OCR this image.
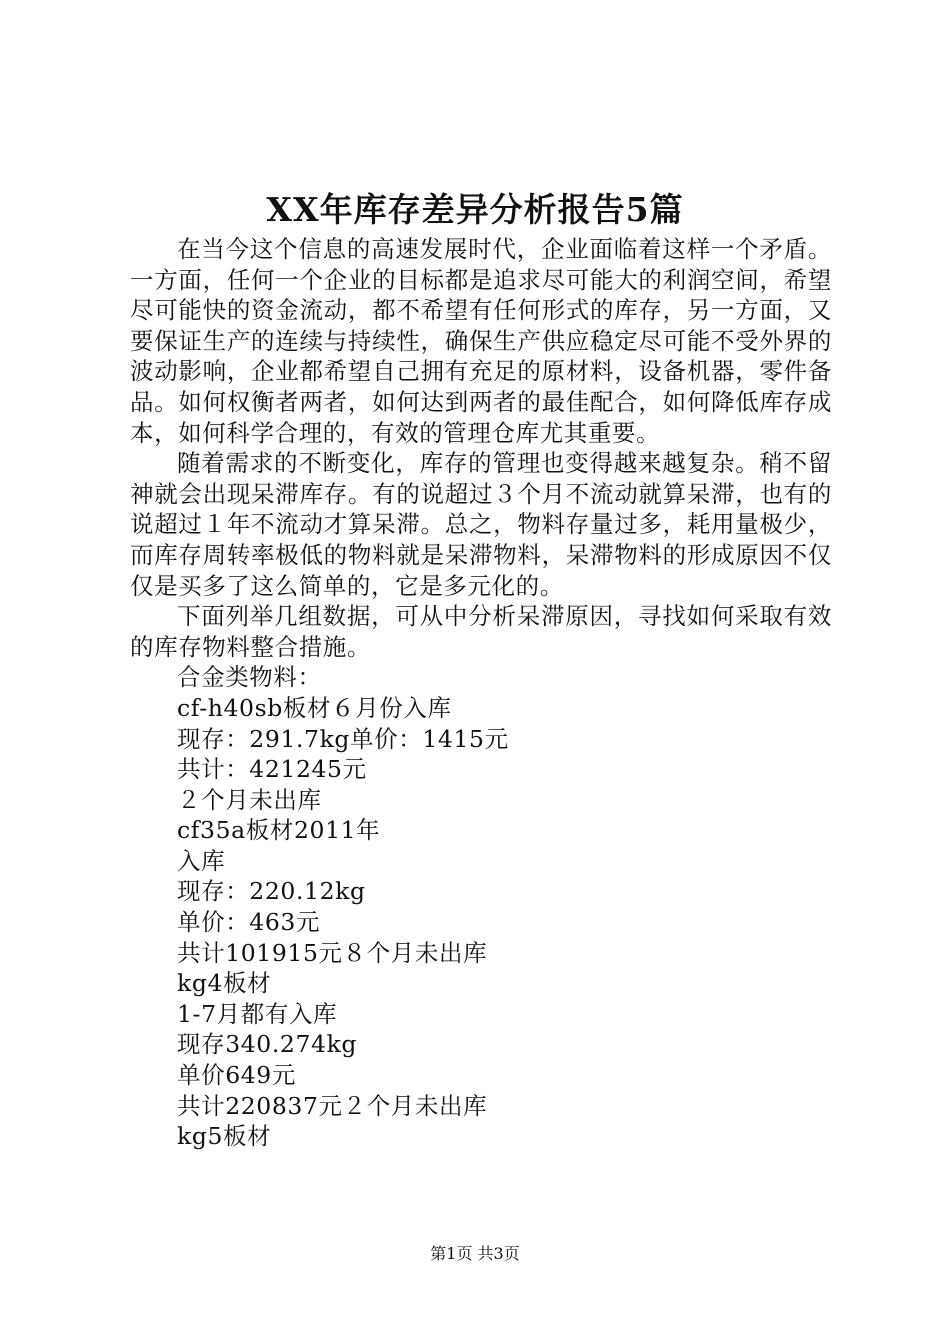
XX年库存差异分析报告5篇

在当今这个信息的高速发展时代，企业面临着这样一个矛盾。一方面，任何一个企业的目标都是追求尽可能大的利润空间，希望尽可能快的资金流动，都不希望有任何形式的库存，另一方面，又要保证生产的连续与持续性，确保生产供应稳定尽可能不受外界的波动影响，企业都希望自己拥有充足的原材料，设备机器，零件备品。如何权衡者两者，如何达到两者的最佳配合，如何降低库存成本，如何科学合理的，有效的管理仓库尤其重要。

随着需求的不断变化，库存的管理也变得越来越复杂。稍不留神就会出现呆滞库存。有的说超过３个月不流动就算呆滞，也有的说超过１年不流动才算呆滞。总之，物料存量过多，耗用量极少，而库存周转率极低的物料就是呆滞物料，呆滞物料的形成原因不仅仅是买多了这么简单的，它是多元化的。

下面列举几组数据，可从中分析呆滞原因，寻找如何采取有效的库存物料整合措施。

合金类物料：

cf-h40sb板材６月份入库

现存：291.7kg单价：1415元

共计：421245元

２个月未出库

cf35a板材2011年

入库

现存：220.12kg

单价：463元

共计101915元８个月未出库

kg4板材

1-7月都有入库

现存340.274kg

单价649元

共计220837元２个月未出库

kg5板材

第1页 共3页
